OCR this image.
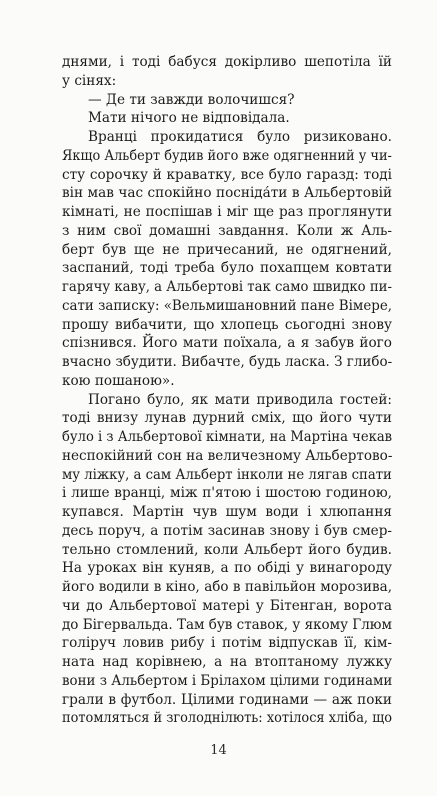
днями, і тоді бабуся докірливо шепотіла їй
у сінях:
— Де ти завжди волочишся?
Мати нічого не відповідала.
Вранці прокидатися було ризиковано.
Якщо Альберт будив його вже одягненний у чи-
сту сорочку й краватку, все було гаразд: тоді
він мав час спокійно посніда́ти в Альбертовій
кімнаті, не поспішав і міг ще раз проглянути
з ним свої домашні завдання. Коли ж Аль-
берт був ще не причесаний, не одягнений,
заспаний, тоді треба було похапцем ковтати
гарячу каву, а Альбертові так само швидко пи-
сати записку: «Вельмишановний пане Вімере,
прошу вибачити, що хлопець сьогодні знову
спізнився. Його мати поїхала, а я забув його
вчасно збудити. Вибачте, будь ласка. З глибо-
кою пошаною».
Погано було, як мати приводила гостей:
тоді внизу лунав дурний сміх, що його чути
було і з Альбертової кімнати, на Мартіна чекав
неспокійний сон на величезному Альбертово-
му ліжку, а сам Альберт інколи не лягав спати
і лише вранці, між п'ятою і шостою годиною,
купався. Мартін чув шум води і хлюпання
десь поруч, а потім засинав знову і був смер-
тельно стомлений, коли Альберт його будив.
На уроках він куняв, а по обіді у винагороду
його водили в кіно, або в павільйон морозива,
чи до Альбертової матері у Бітенган, ворота
до Бігервальда. Там був ставок, у якому Глюм
голіруч ловив рибу і потім відпускав її, кім-
ната над корівнею, а на втоптаному лужку
вони з Альбертом і Брілахом цілими годинами
грали в футбол. Цілими годинами — аж поки
потомляться й зголоднілють: хотілося хліба, що
14
